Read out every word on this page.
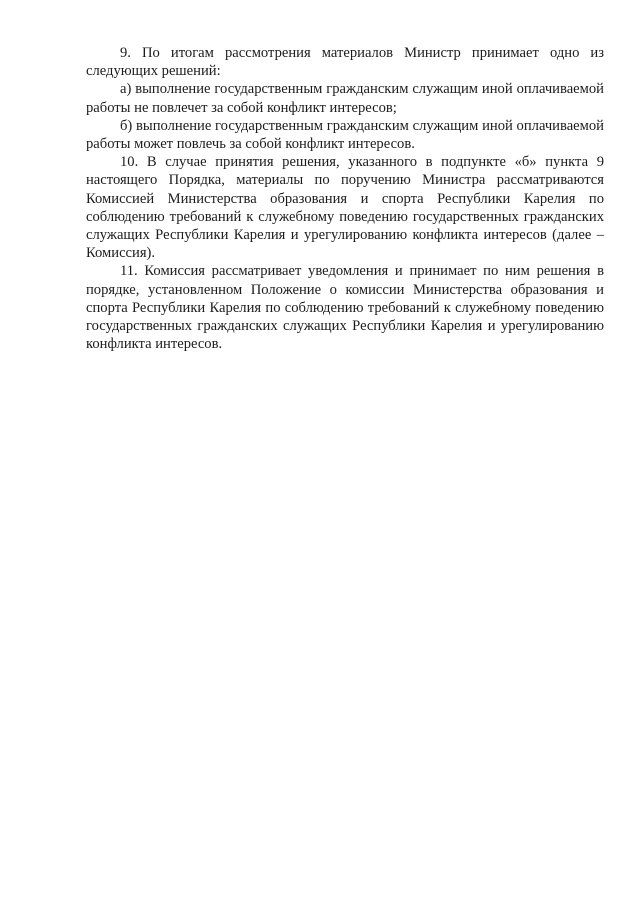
9. По итогам рассмотрения материалов Министр принимает одно из следующих решений:

а) выполнение государственным гражданским служащим иной оплачиваемой работы не повлечет за собой конфликт интересов;

б) выполнение государственным гражданским служащим иной оплачиваемой работы может повлечь за собой конфликт интересов.

10. В случае принятия решения, указанного в подпункте «б» пункта 9 настоящего Порядка, материалы по поручению Министра рассматриваются Комиссией Министерства образования и спорта Республики Карелия по соблюдению требований к служебному поведению государственных гражданских служащих Республики Карелия и урегулированию конфликта интересов (далее – Комиссия).

11. Комиссия рассматривает уведомления и принимает по ним решения в порядке, установленном Положение о комиссии Министерства образования и спорта Республики Карелия по соблюдению требований к служебному поведению государственных гражданских служащих Республики Карелия и урегулированию конфликта интересов.
